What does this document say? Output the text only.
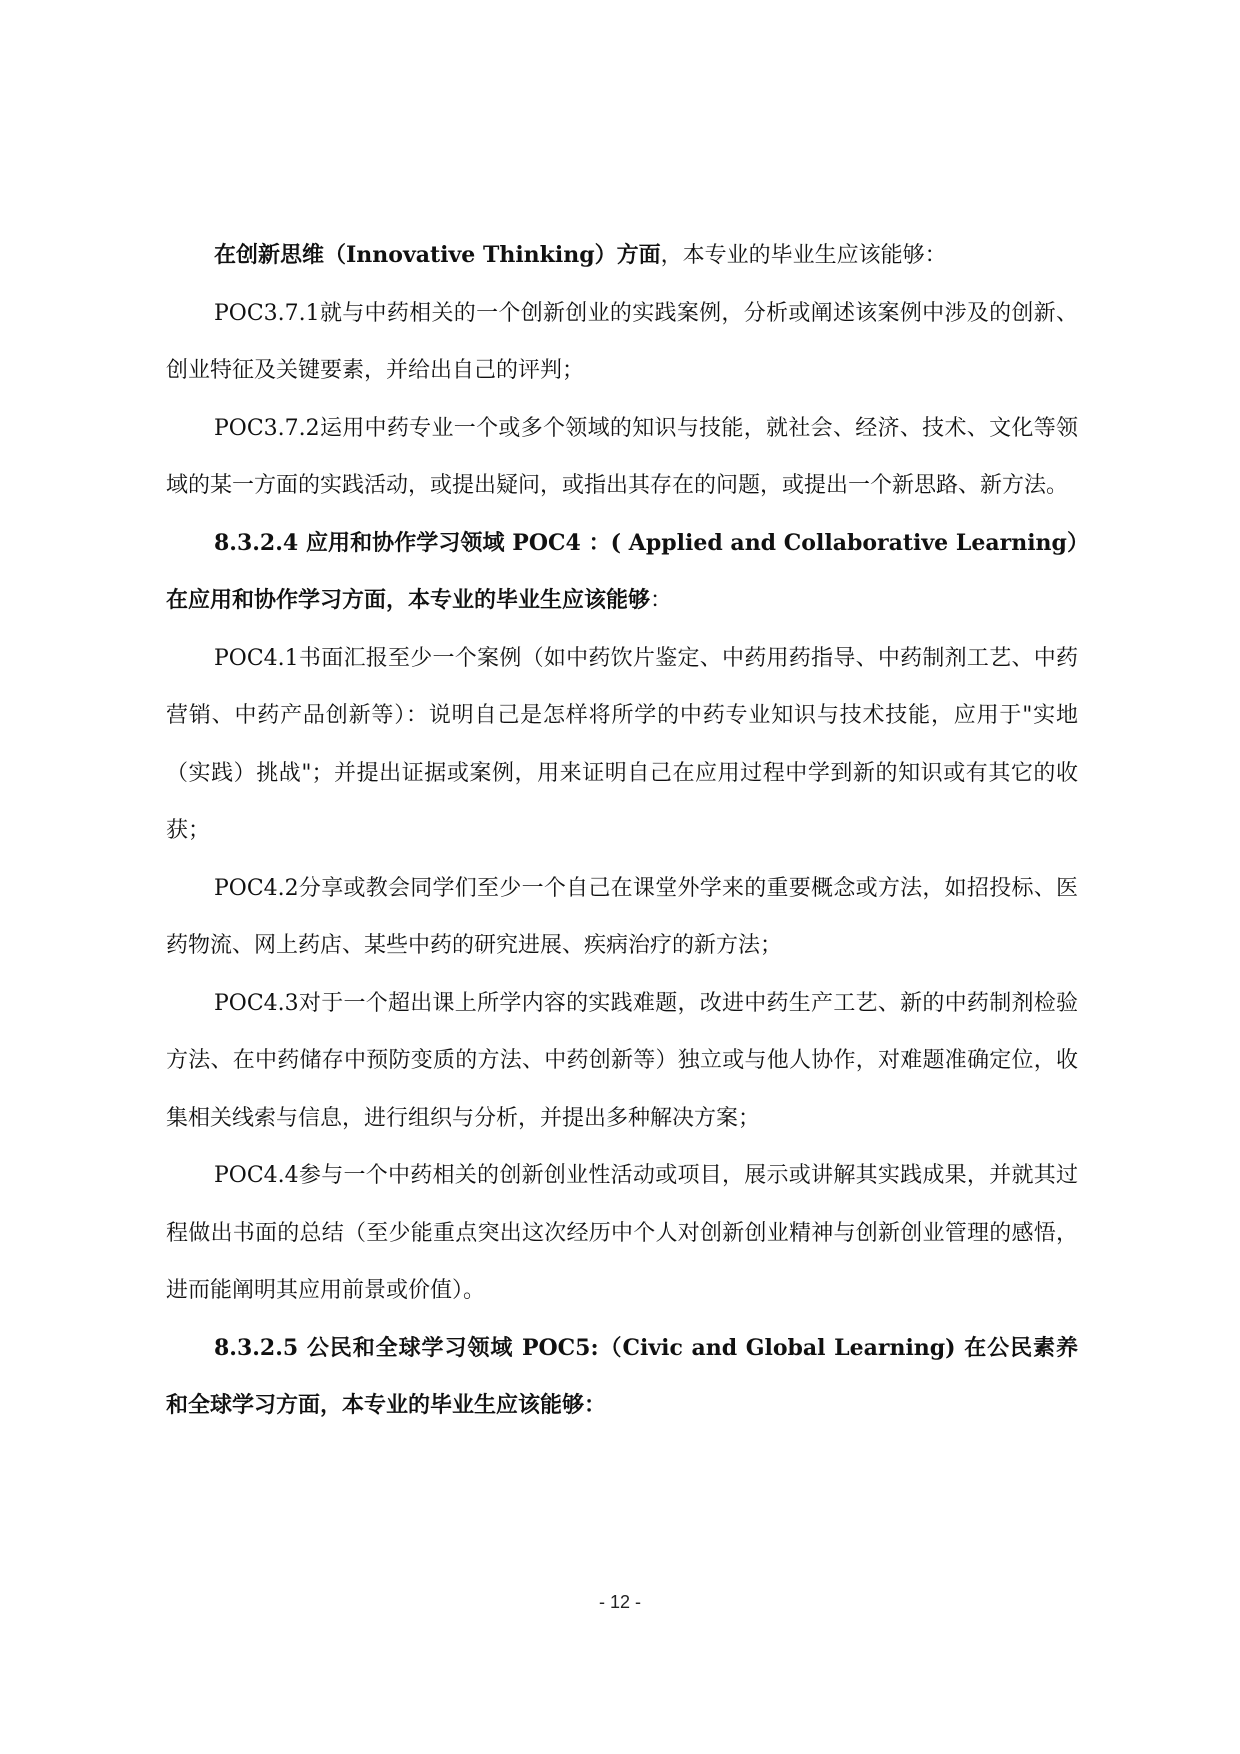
在创新思维（Innovative Thinking）方面，本专业的毕业生应该能够：

POC3.7.1就与中药相关的一个创新创业的实践案例，分析或阐述该案例中涉及的创新、创业特征及关键要素，并给出自己的评判；

POC3.7.2运用中药专业一个或多个领域的知识与技能，就社会、经济、技术、文化等领域的某一方面的实践活动，或提出疑问，或指出其存在的问题，或提出一个新思路、新方法。

8.3.2.4 应用和协作学习领域 POC4 ：( Applied and Collaborative Learning）在应用和协作学习方面，本专业的毕业生应该能够：

POC4.1书面汇报至少一个案例（如中药饮片鉴定、中药用药指导、中药制剂工艺、中药营销、中药产品创新等）：说明自己是怎样将所学的中药专业知识与技术技能，应用于"实地（实践）挑战"；并提出证据或案例，用来证明自己在应用过程中学到新的知识或有其它的收获；

POC4.2分享或教会同学们至少一个自己在课堂外学来的重要概念或方法，如招投标、医药物流、网上药店、某些中药的研究进展、疾病治疗的新方法；

POC4.3对于一个超出课上所学内容的实践难题，改进中药生产工艺、新的中药制剂检验方法、在中药储存中预防变质的方法、中药创新等）独立或与他人协作，对难题准确定位，收集相关线索与信息，进行组织与分析，并提出多种解决方案；

POC4.4参与一个中药相关的创新创业性活动或项目，展示或讲解其实践成果，并就其过程做出书面的总结（至少能重点突出这次经历中个人对创新创业精神与创新创业管理的感悟，进而能阐明其应用前景或价值）。

8.3.2.5 公民和全球学习领域 POC5:（Civic and Global Learning) 在公民素养和全球学习方面，本专业的毕业生应该能够：

- 12 -
